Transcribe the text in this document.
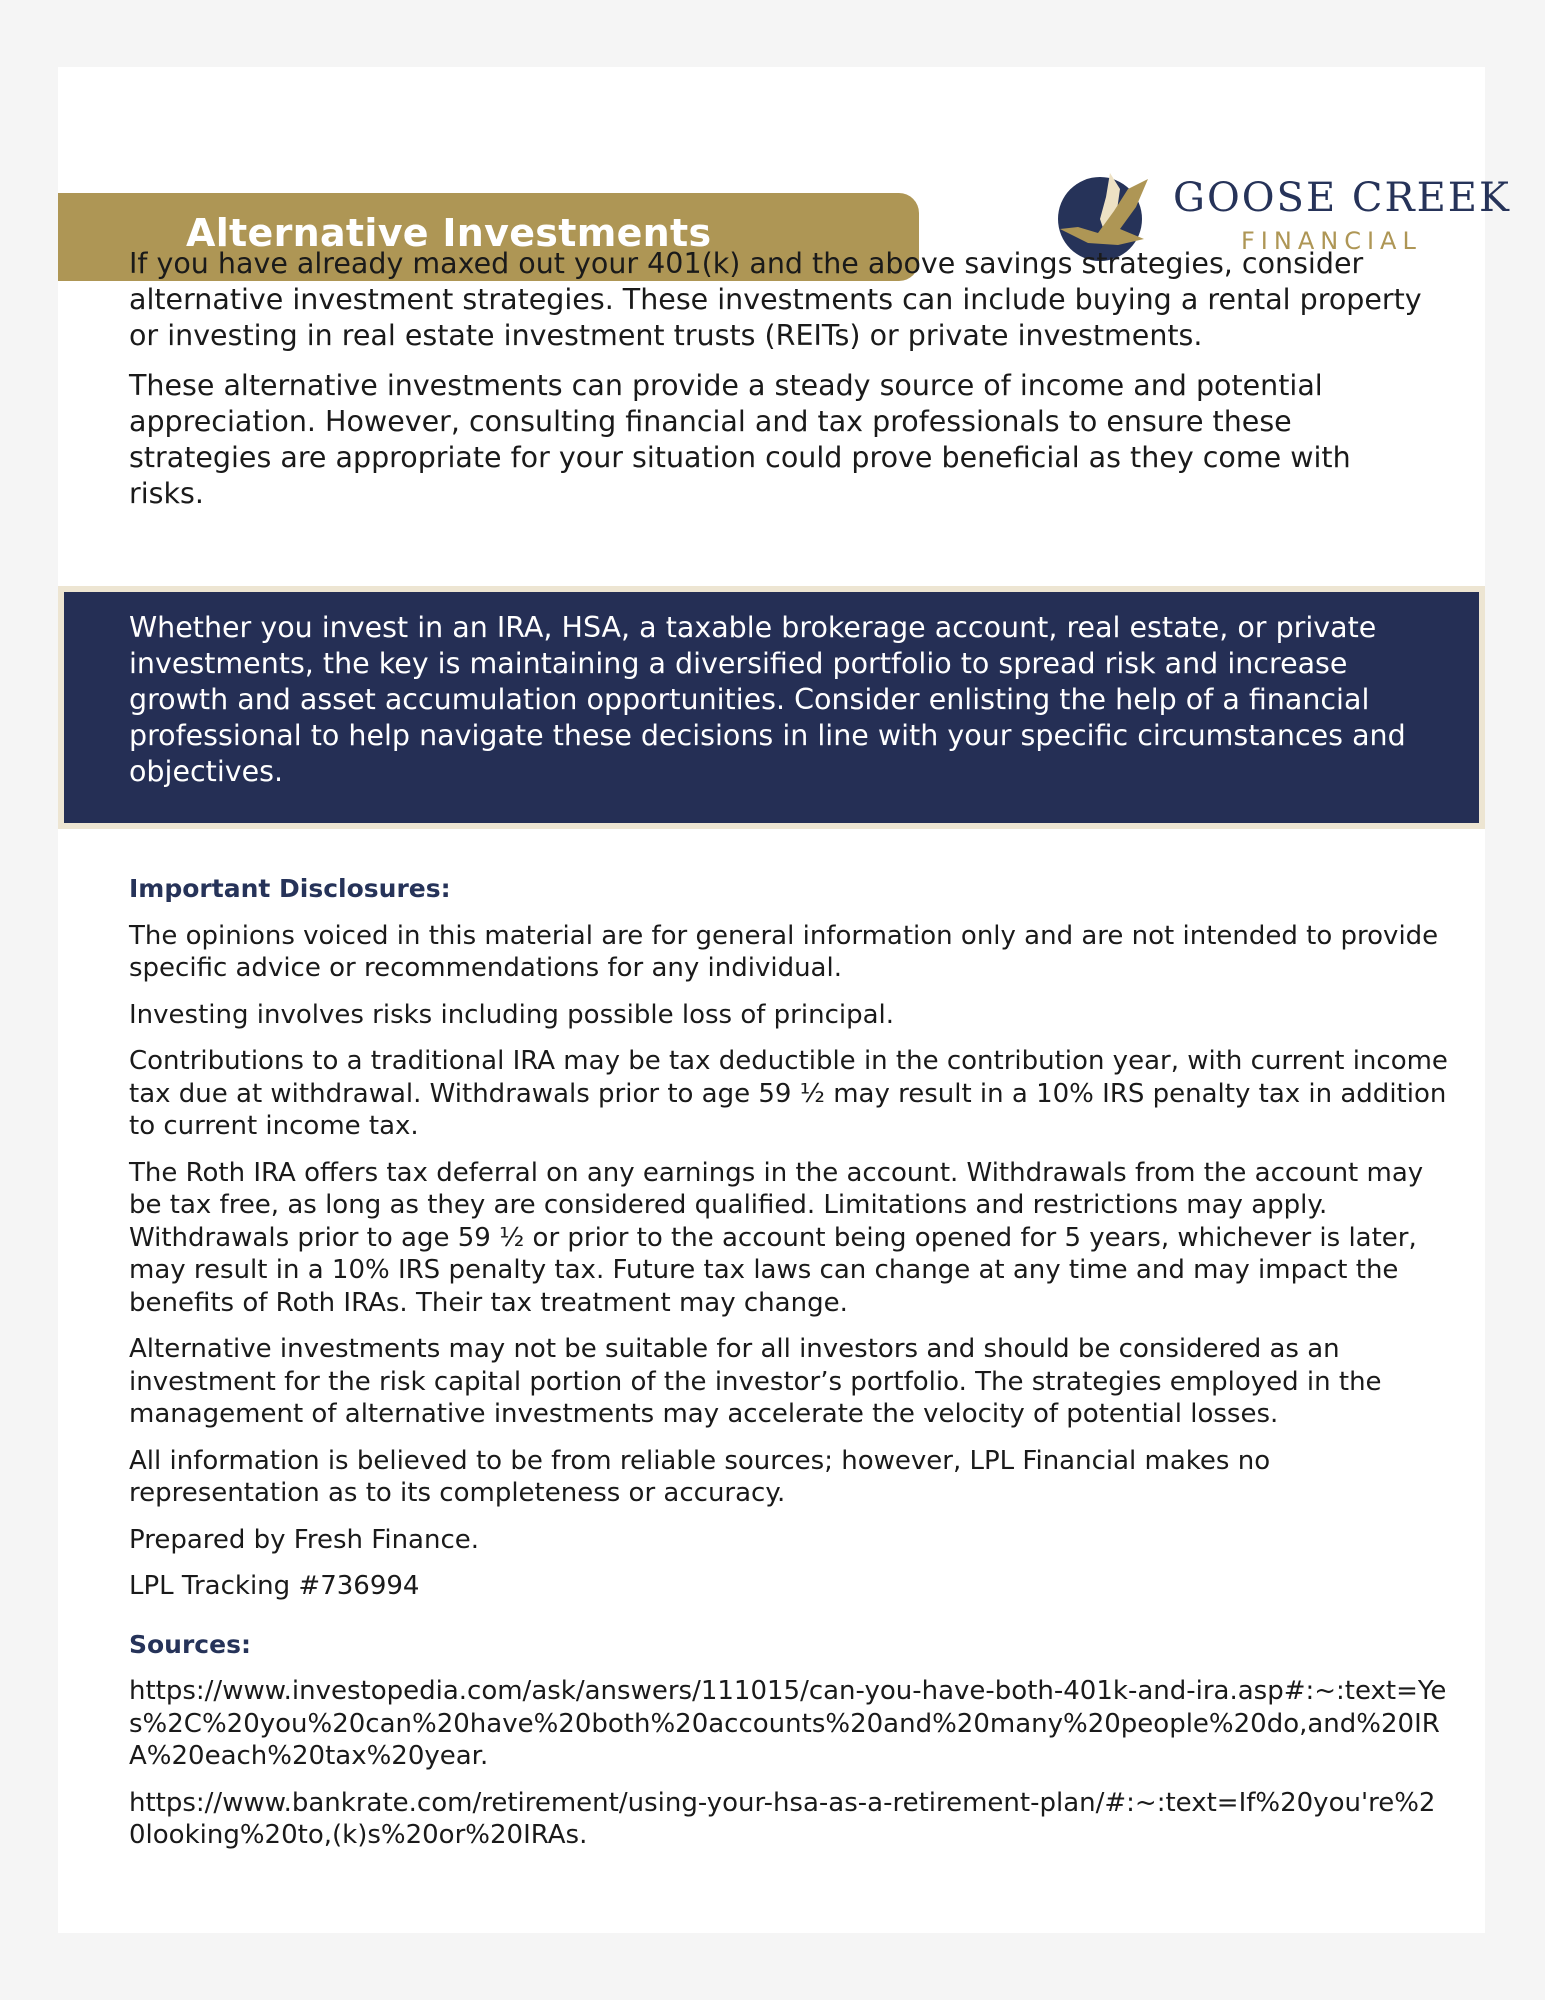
Alternative Investments
GOOSE CREEK
FINANCIAL

If you have already maxed out your 401(k) and the above savings strategies, consider alternative investment strategies. These investments can include buying a rental property or investing in real estate investment trusts (REITs) or private investments.

These alternative investments can provide a steady source of income and potential appreciation. However, consulting financial and tax professionals to ensure these strategies are appropriate for your situation could prove beneficial as they come with risks.

Whether you invest in an IRA, HSA, a taxable brokerage account, real estate, or private investments, the key is maintaining a diversified portfolio to spread risk and increase growth and asset accumulation opportunities. Consider enlisting the help of a financial professional to help navigate these decisions in line with your specific circumstances and objectives.

Important Disclosures:

The opinions voiced in this material are for general information only and are not intended to provide specific advice or recommendations for any individual.

Investing involves risks including possible loss of principal.

Contributions to a traditional IRA may be tax deductible in the contribution year, with current income tax due at withdrawal. Withdrawals prior to age 59 ½ may result in a 10% IRS penalty tax in addition to current income tax.

The Roth IRA offers tax deferral on any earnings in the account. Withdrawals from the account may be tax free, as long as they are considered qualified. Limitations and restrictions may apply. Withdrawals prior to age 59 ½ or prior to the account being opened for 5 years, whichever is later, may result in a 10% IRS penalty tax. Future tax laws can change at any time and may impact the benefits of Roth IRAs. Their tax treatment may change.

Alternative investments may not be suitable for all investors and should be considered as an investment for the risk capital portion of the investor’s portfolio. The strategies employed in the management of alternative investments may accelerate the velocity of potential losses.

All information is believed to be from reliable sources; however, LPL Financial makes no representation as to its completeness or accuracy.

Prepared by Fresh Finance.

LPL Tracking #736994

Sources:

https://www.investopedia.com/ask/answers/111015/can-you-have-both-401k-and-ira.asp#:~:text=Yes%2C%20you%20can%20have%20both%20accounts%20and%20many%20people%20do,and%20IRA%20each%20tax%20year.

https://www.bankrate.com/retirement/using-your-hsa-as-a-retirement-plan/#:~:text=If%20you're%20looking%20to,(k)s%20or%20IRAs.
